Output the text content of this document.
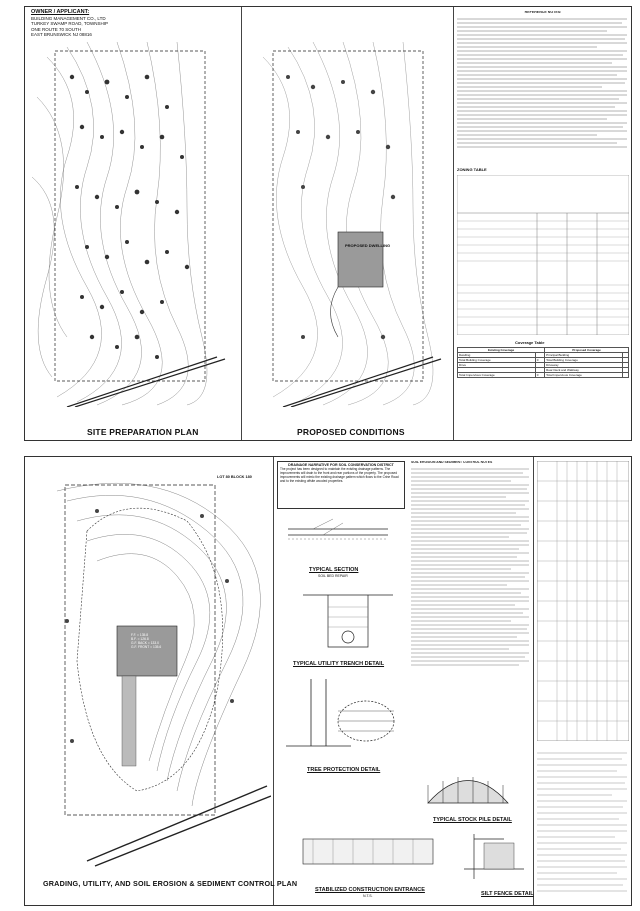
OWNER / APPLICANT:
BUILDING MANAGEMENT CO., LTD
TURKEY SWAMP ROAD, TOWNSHIP
ONE ROUTE 70 SOUTH
EAST BRUNSWICK NJ 08816
SITE PREPARATION PLAN
PROPOSED DWELLING
PROPOSED CONDITIONS
REFERENCE NOTES:
ZONING TABLE
Coverage Table
Existing Coverage		Proposed Coverage	
Dwelling		Principal Building	
Total Building Coverage	0	Total Building Coverage	
Drive		Driveway	
		Rear Deck and Walkway	
Total Impervious Coverage	0	Total Impervious Coverage	
LOT 80 BLOCK 180
F.F. = 135.8
B.F. = 126.8
G.F. BACK = 133.0
G.F. FRONT = 135.6
GRADING, UTILITY, AND SOIL EROSION & SEDIMENT CONTROL PLAN
DRAINAGE NARRATIVE FOR SOIL CONSERVATION DISTRICT
The project has been designed to maintain the existing drainage patterns. The improvements will drain to the front and rear portions of the property. The proposed improvements will mimic the existing drainage pattern which flows to the Crine Road and to the existing offsite wooded properties.
SOIL EROSION AND SEDIMENT CONTROL NOTES
TYPICAL SECTION
SOIL BED REPAIR
TYPICAL UTILITY TRENCH DETAIL
TREE PROTECTION DETAIL
TYPICAL STOCK PILE DETAIL
STABILIZED CONSTRUCTION ENTRANCE
N.T.S.	SILT FENCE DETAIL
